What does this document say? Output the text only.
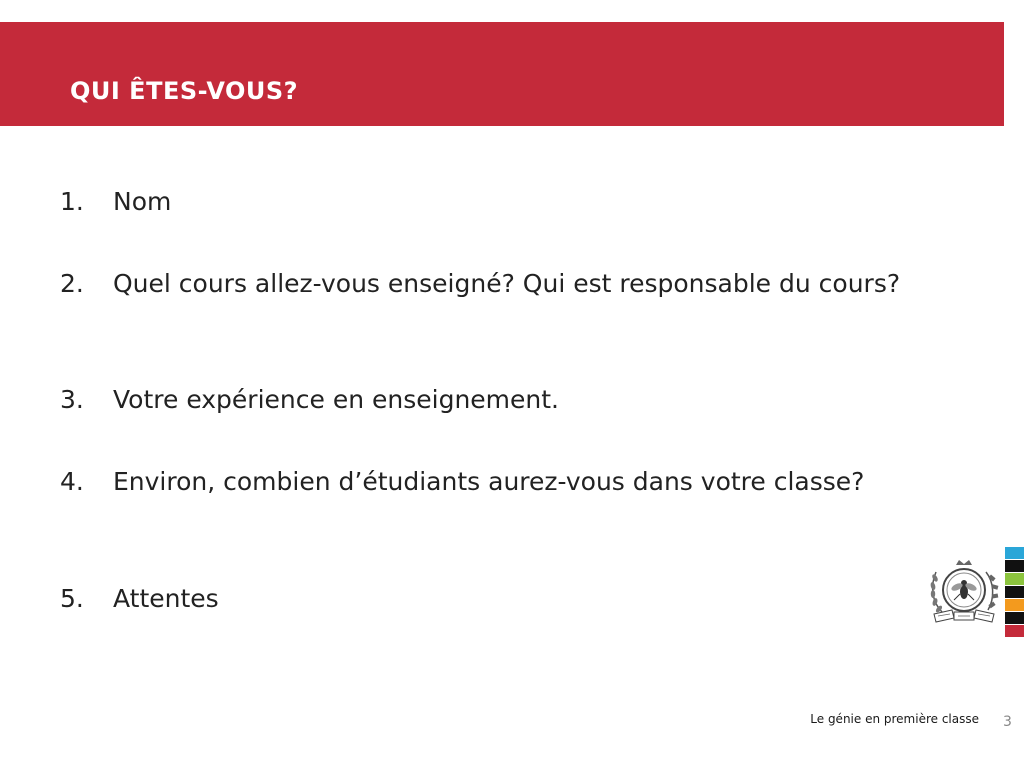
QUI ÊTES-VOUS?
1.	Nom
2.	Quel cours allez-vous enseigné? Qui est responsable du cours?
3.	Votre expérience en enseignement.
4.	Environ, combien d’étudiants aurez-vous dans votre classe?
5.	Attentes
Le génie en première classe 3
